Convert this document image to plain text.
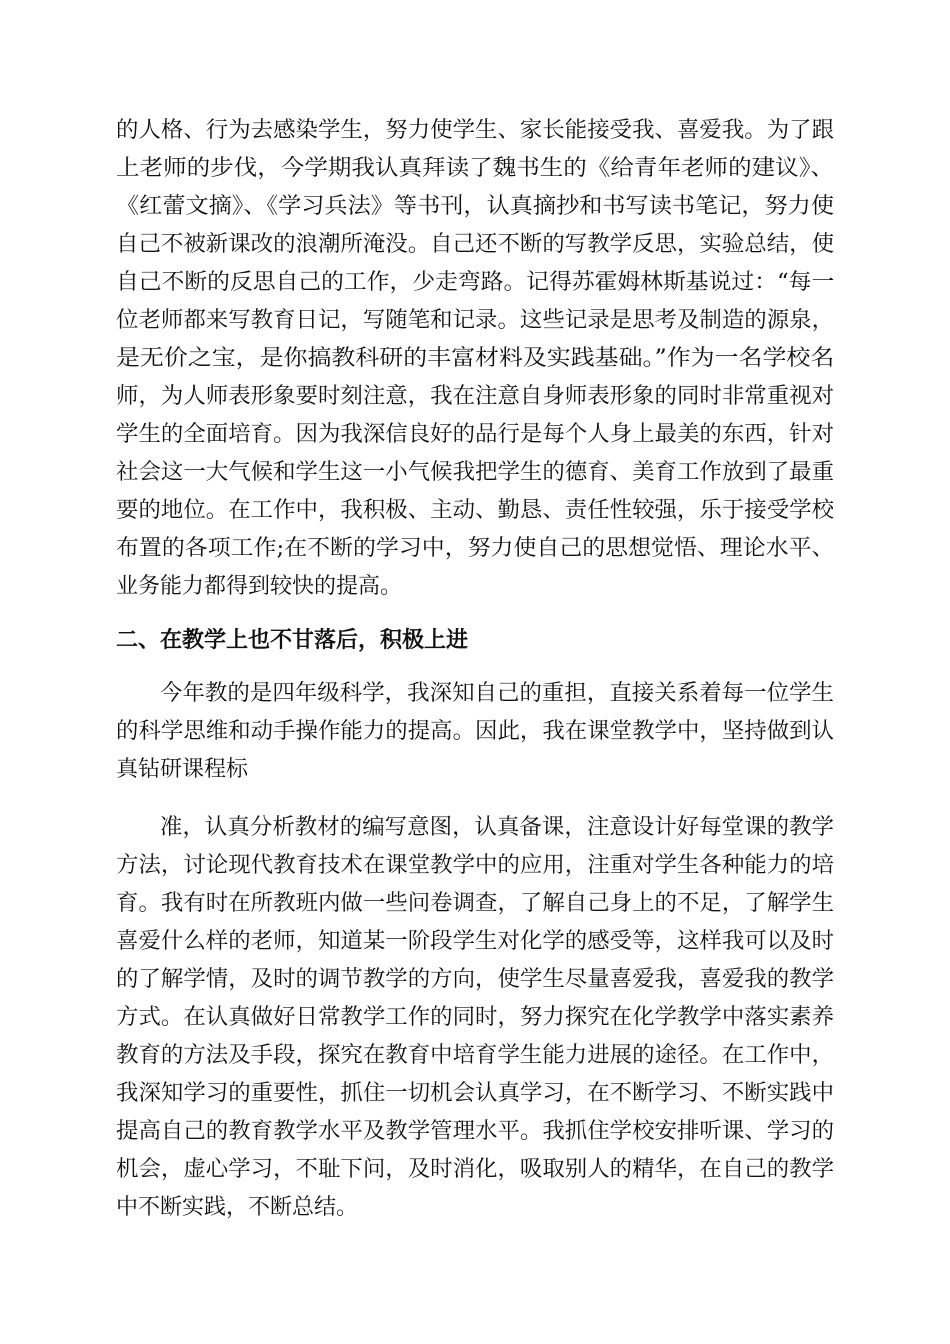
的人格、行为去感染学生，努力使学生、家长能接受我、喜爱我。为了跟
上老师的步伐，今学期我认真拜读了魏书生的《给青年老师的建议》、
《红蕾文摘》、《学习兵法》等书刊，认真摘抄和书写读书笔记，努力使
自己不被新课改的浪潮所淹没。自己还不断的写教学反思，实验总结，使
自己不断的反思自己的工作，少走弯路。记得苏霍姆林斯基说过：“每一
位老师都来写教育日记，写随笔和记录。这些记录是思考及制造的源泉，
是无价之宝，是你搞教科研的丰富材料及实践基础。”作为一名学校名
师，为人师表形象要时刻注意，我在注意自身师表形象的同时非常重视对
学生的全面培育。因为我深信良好的品行是每个人身上最美的东西，针对
社会这一大气候和学生这一小气候我把学生的德育、美育工作放到了最重
要的地位。在工作中，我积极、主动、勤恳、责任性较强，乐于接受学校
布置的各项工作;在不断的学习中，努力使自己的思想觉悟、理论水平、
业务能力都得到较快的提高。
二、在教学上也不甘落后，积极上进
今年教的是四年级科学，我深知自己的重担，直接关系着每一位学生
的科学思维和动手操作能力的提高。因此，我在课堂教学中，坚持做到认
真钻研课程标
准，认真分析教材的编写意图，认真备课，注意设计好每堂课的教学
方法，讨论现代教育技术在课堂教学中的应用，注重对学生各种能力的培
育。我有时在所教班内做一些问卷调查，了解自己身上的不足，了解学生
喜爱什么样的老师，知道某一阶段学生对化学的感受等，这样我可以及时
的了解学情，及时的调节教学的方向，使学生尽量喜爱我，喜爱我的教学
方式。在认真做好日常教学工作的同时，努力探究在化学教学中落实素养
教育的方法及手段，探究在教育中培育学生能力进展的途径。在工作中，
我深知学习的重要性，抓住一切机会认真学习，在不断学习、不断实践中
提高自己的教育教学水平及教学管理水平。我抓住学校安排听课、学习的
机会，虚心学习，不耻下问，及时消化，吸取别人的精华，在自己的教学
中不断实践，不断总结。
